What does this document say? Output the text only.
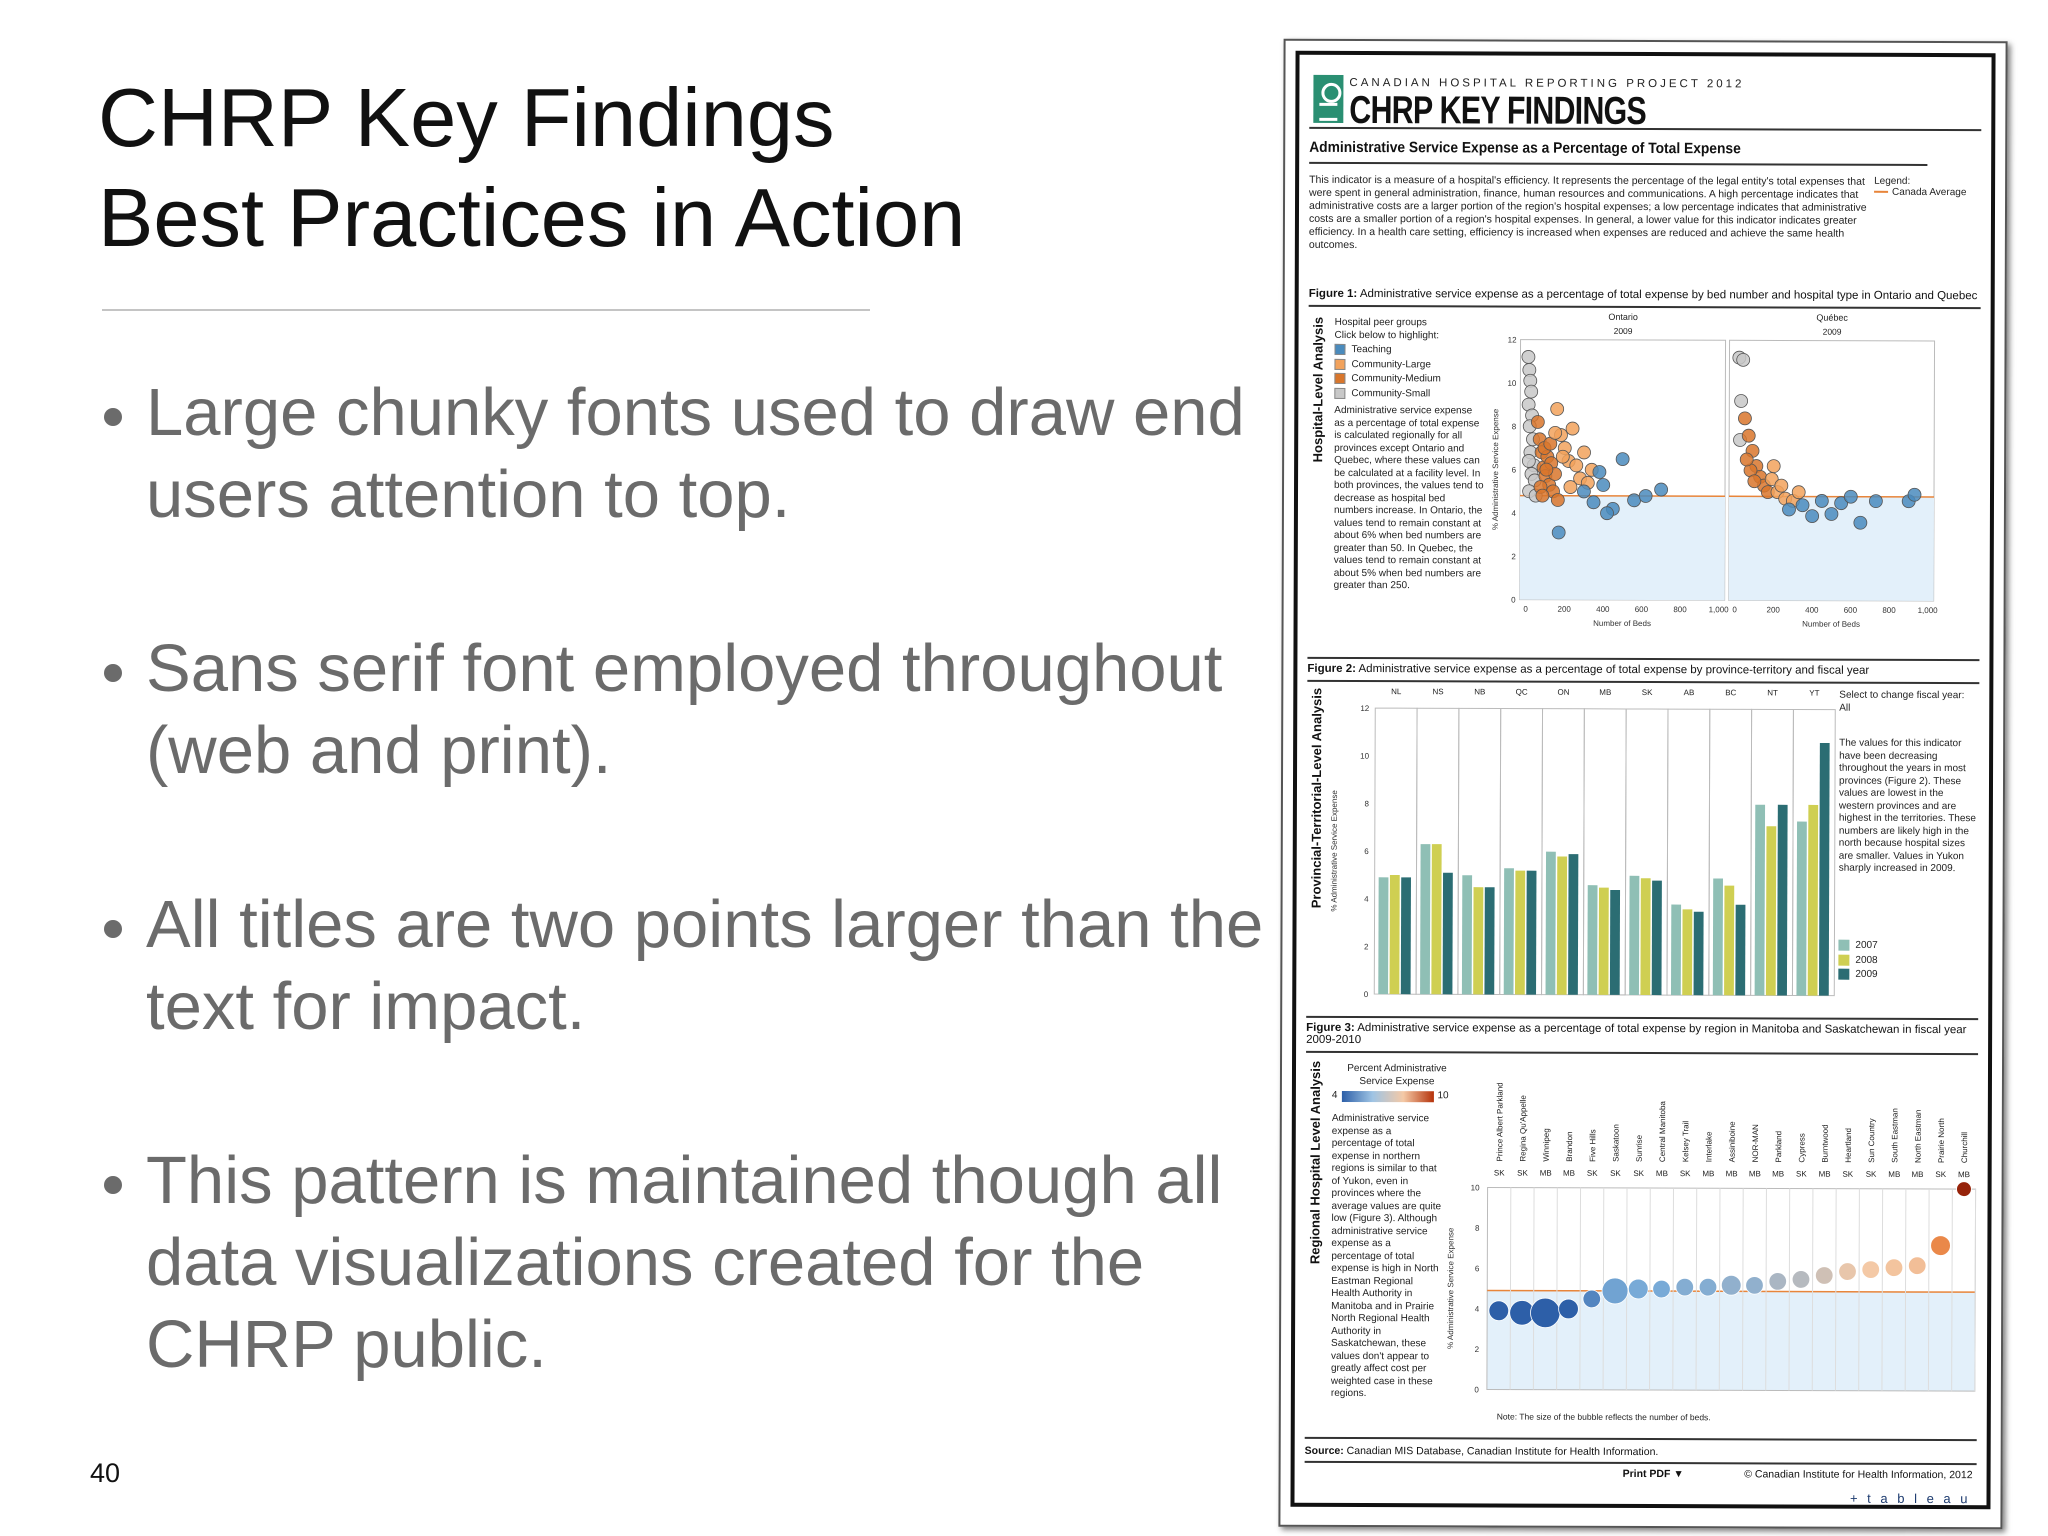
CHRP Key Findings
Best Practices in Action
Large chunky fonts used to draw end users attention to top.
Sans serif font employed throughout (web and print).
All titles are two points larger than the text for impact.
This pattern is maintained though all data visualizations created for the CHRP public.
40
CANADIAN HOSPITAL REPORTING PROJECT 2012
CHRP KEY FINDINGS
Administrative Service Expense as a Percentage of Total Expense
This indicator is a measure of a hospital's efficiency. It represents the percentage of the legal entity's total expenses that were spent in general administration, finance, human resources and communications. A high percentage indicates that administrative costs are a larger portion of the region's hospital expenses; a low percentage indicates that administrative costs are a smaller portion of a region's hospital expenses. In general, a lower value for this indicator indicates greater efficiency. In a health care setting, efficiency is increased when expenses are reduced and achieve the same health outcomes.
Legend:
Canada Average
Figure 1: Administrative service expense as a percentage of total expense by bed number and hospital type in Ontario and Quebec
Hospital-Level Analysis Hospital peer groups
Click below to highlight:
Teaching
Community-Large
Community-Medium
Community-Small
Administrative service expense as a percentage of total expense is calculated regionally for all provinces except Ontario and Quebec, where these values can be calculated at a facility level. In both provinces, the values tend to decrease as hospital bed numbers increase. In Ontario, the values tend to remain constant at about 6% when bed numbers are greater than 50. In Quebec, the values tend to remain constant at about 5% when bed numbers are greater than 250.
% Administrative Service Expense
Ontario
2009
0
2
4
6
8
10
12
0	200	400	600	800	1,000
Number of Beds
Québec
2009
0	200	400	600	800	1,000
Number of Beds
Figure 2: Administrative service expense as a percentage of total expense by province-territory and fiscal year
Provincial-Territorial-Level Analysis % Administrative Service Expense
0
2
4
6
8
10
12
NL	NS	NB	QC	ON	MB	SK	AB	BC	NT	YT Select to change fiscal year:
All
The values for this indicator have been decreasing throughout the years in most provinces (Figure 2). These values are lowest in the western provinces and are highest in the territories. These numbers are likely high in the north because hospital sizes are smaller. Values in Yukon sharply increased in 2009.
2007
2008
2009
Figure 3: Administrative service expense as a percentage of total expense by region in Manitoba and Saskatchewan in fiscal year 2009-2010
Regional Hospital Level Analysis	Percent Administrative Service Expense
4	10
Administrative service expense as a percentage of total expense in northern regions is similar to that of Yukon, even in provinces where the average values are quite low (Figure 3). Although administrative service expense as a percentage of total expense is high in North Eastman Regional Health Authority in Manitoba and in Prairie North Regional Health Authority in Saskatchewan, these values don't appear to greatly affect cost per weighted case in these regions.
% Administrative Service Expense
0
2
4
6
8
10
Prince Albert Parkland
SK
Regina Qu'Appelle
SK
Winnipeg
MB
Brandon
MB
Five Hills
SK
Saskatoon
SK
Sunrise
SK
Central Manitoba
MB
Kelsey Trail
SK
Interlake
MB
Assiniboine
MB
NOR-MAN
MB
Parkland
MB
Cypress
SK
Burntwood
MB
Heartland
SK
Sun Country
SK
South Eastman
MB
North Eastman
MB
Prairie North
SK
Churchill
MB
Note: The size of the bubble reflects the number of beds.
Source: Canadian MIS Database, Canadian Institute for Health Information.
Print PDF ▼	© Canadian Institute for Health Information, 2012
+ t a b l e a u
